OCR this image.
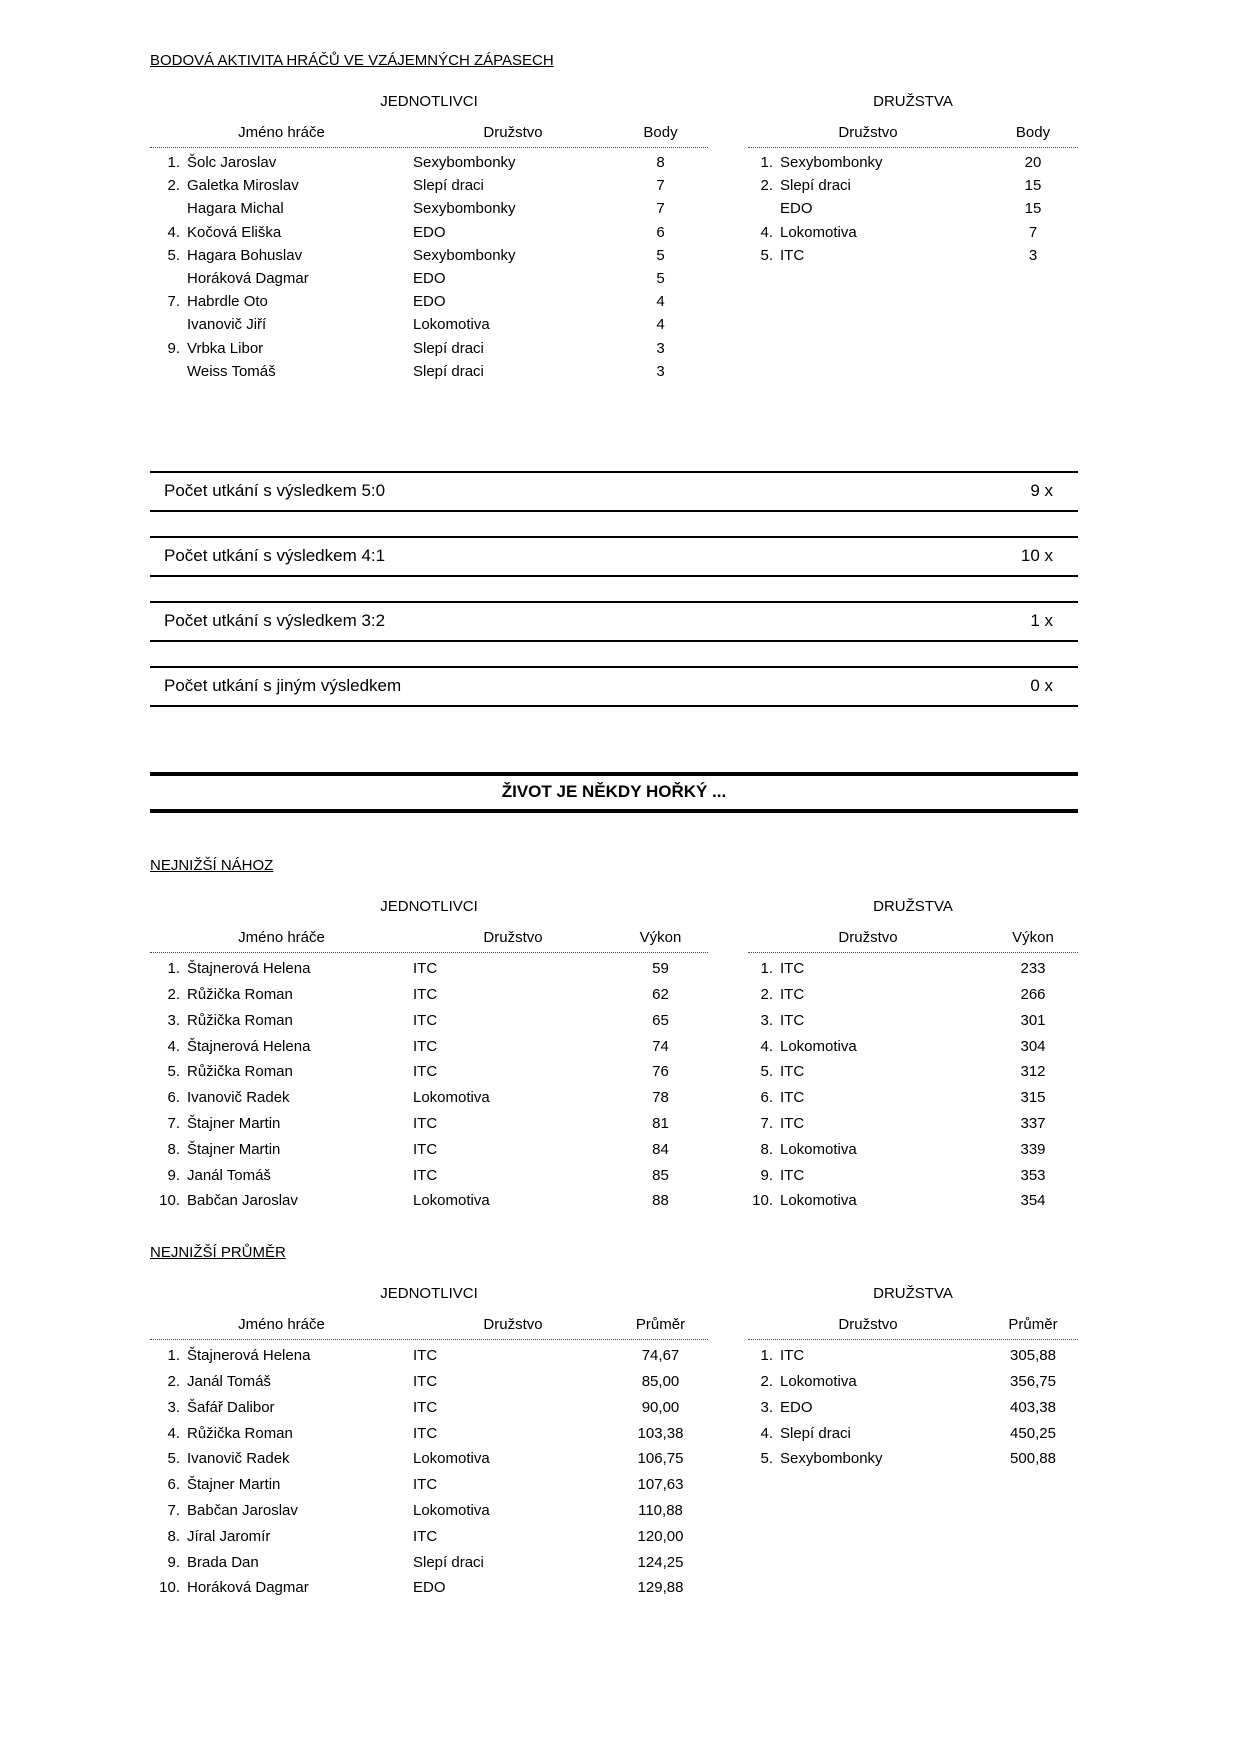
BODOVÁ AKTIVITA HRÁČŮ VE VZÁJEMNÝCH ZÁPASECH
JEDNOTLIVCI
Jméno hráče	Družstvo	Body
1. Šolc Jaroslav	Sexybombonky	8
2. Galetka Miroslav	Slepí draci	7
Hagara Michal	Sexybombonky	7
4. Kočová Eliška	EDO	6
5. Hagara Bohuslav	Sexybombonky	5
Horáková Dagmar	EDO	5
7. Habrdle Oto	EDO	4
Ivanovič Jiří	Lokomotiva	4
9. Vrbka Libor	Slepí draci	3
Weiss Tomáš	Slepí draci	3
DRUŽSTVA
Družstvo	Body
1. Sexybombonky	20
2. Slepí draci	15
EDO	15
4. Lokomotiva	7
5. ITC	3
Počet utkání s výsledkem 5:0	9 x
Počet utkání s výsledkem 4:1	10 x
Počet utkání s výsledkem 3:2	1 x
Počet utkání s jiným výsledkem	0 x
ŽIVOT JE NĚKDY HOŘKÝ ...
NEJNIŽŠÍ NÁHOZ
JEDNOTLIVCI
Jméno hráče	Družstvo	Výkon
1. Štajnerová Helena	ITC	59
2. Růžička Roman	ITC	62
3. Růžička Roman	ITC	65
4. Štajnerová Helena	ITC	74
5. Růžička Roman	ITC	76
6. Ivanovič Radek	Lokomotiva	78
7. Štajner Martin	ITC	81
8. Štajner Martin	ITC	84
9. Janál Tomáš	ITC	85
10. Babčan Jaroslav	Lokomotiva	88
DRUŽSTVA
Družstvo	Výkon
1. ITC	233
2. ITC	266
3. ITC	301
4. Lokomotiva	304
5. ITC	312
6. ITC	315
7. ITC	337
8. Lokomotiva	339
9. ITC	353
10. Lokomotiva	354
NEJNIŽŠÍ PRŮMĚR
JEDNOTLIVCI
Jméno hráče	Družstvo	Průměr
1. Štajnerová Helena	ITC	74,67
2. Janál Tomáš	ITC	85,00
3. Šafář Dalibor	ITC	90,00
4. Růžička Roman	ITC	103,38
5. Ivanovič Radek	Lokomotiva	106,75
6. Štajner Martin	ITC	107,63
7. Babčan Jaroslav	Lokomotiva	110,88
8. Jíral Jaromír	ITC	120,00
9. Brada Dan	Slepí draci	124,25
10. Horáková Dagmar	EDO	129,88
DRUŽSTVA
Družstvo	Průměr
1. ITC	305,88
2. Lokomotiva	356,75
3. EDO	403,38
4. Slepí draci	450,25
5. Sexybombonky	500,88
